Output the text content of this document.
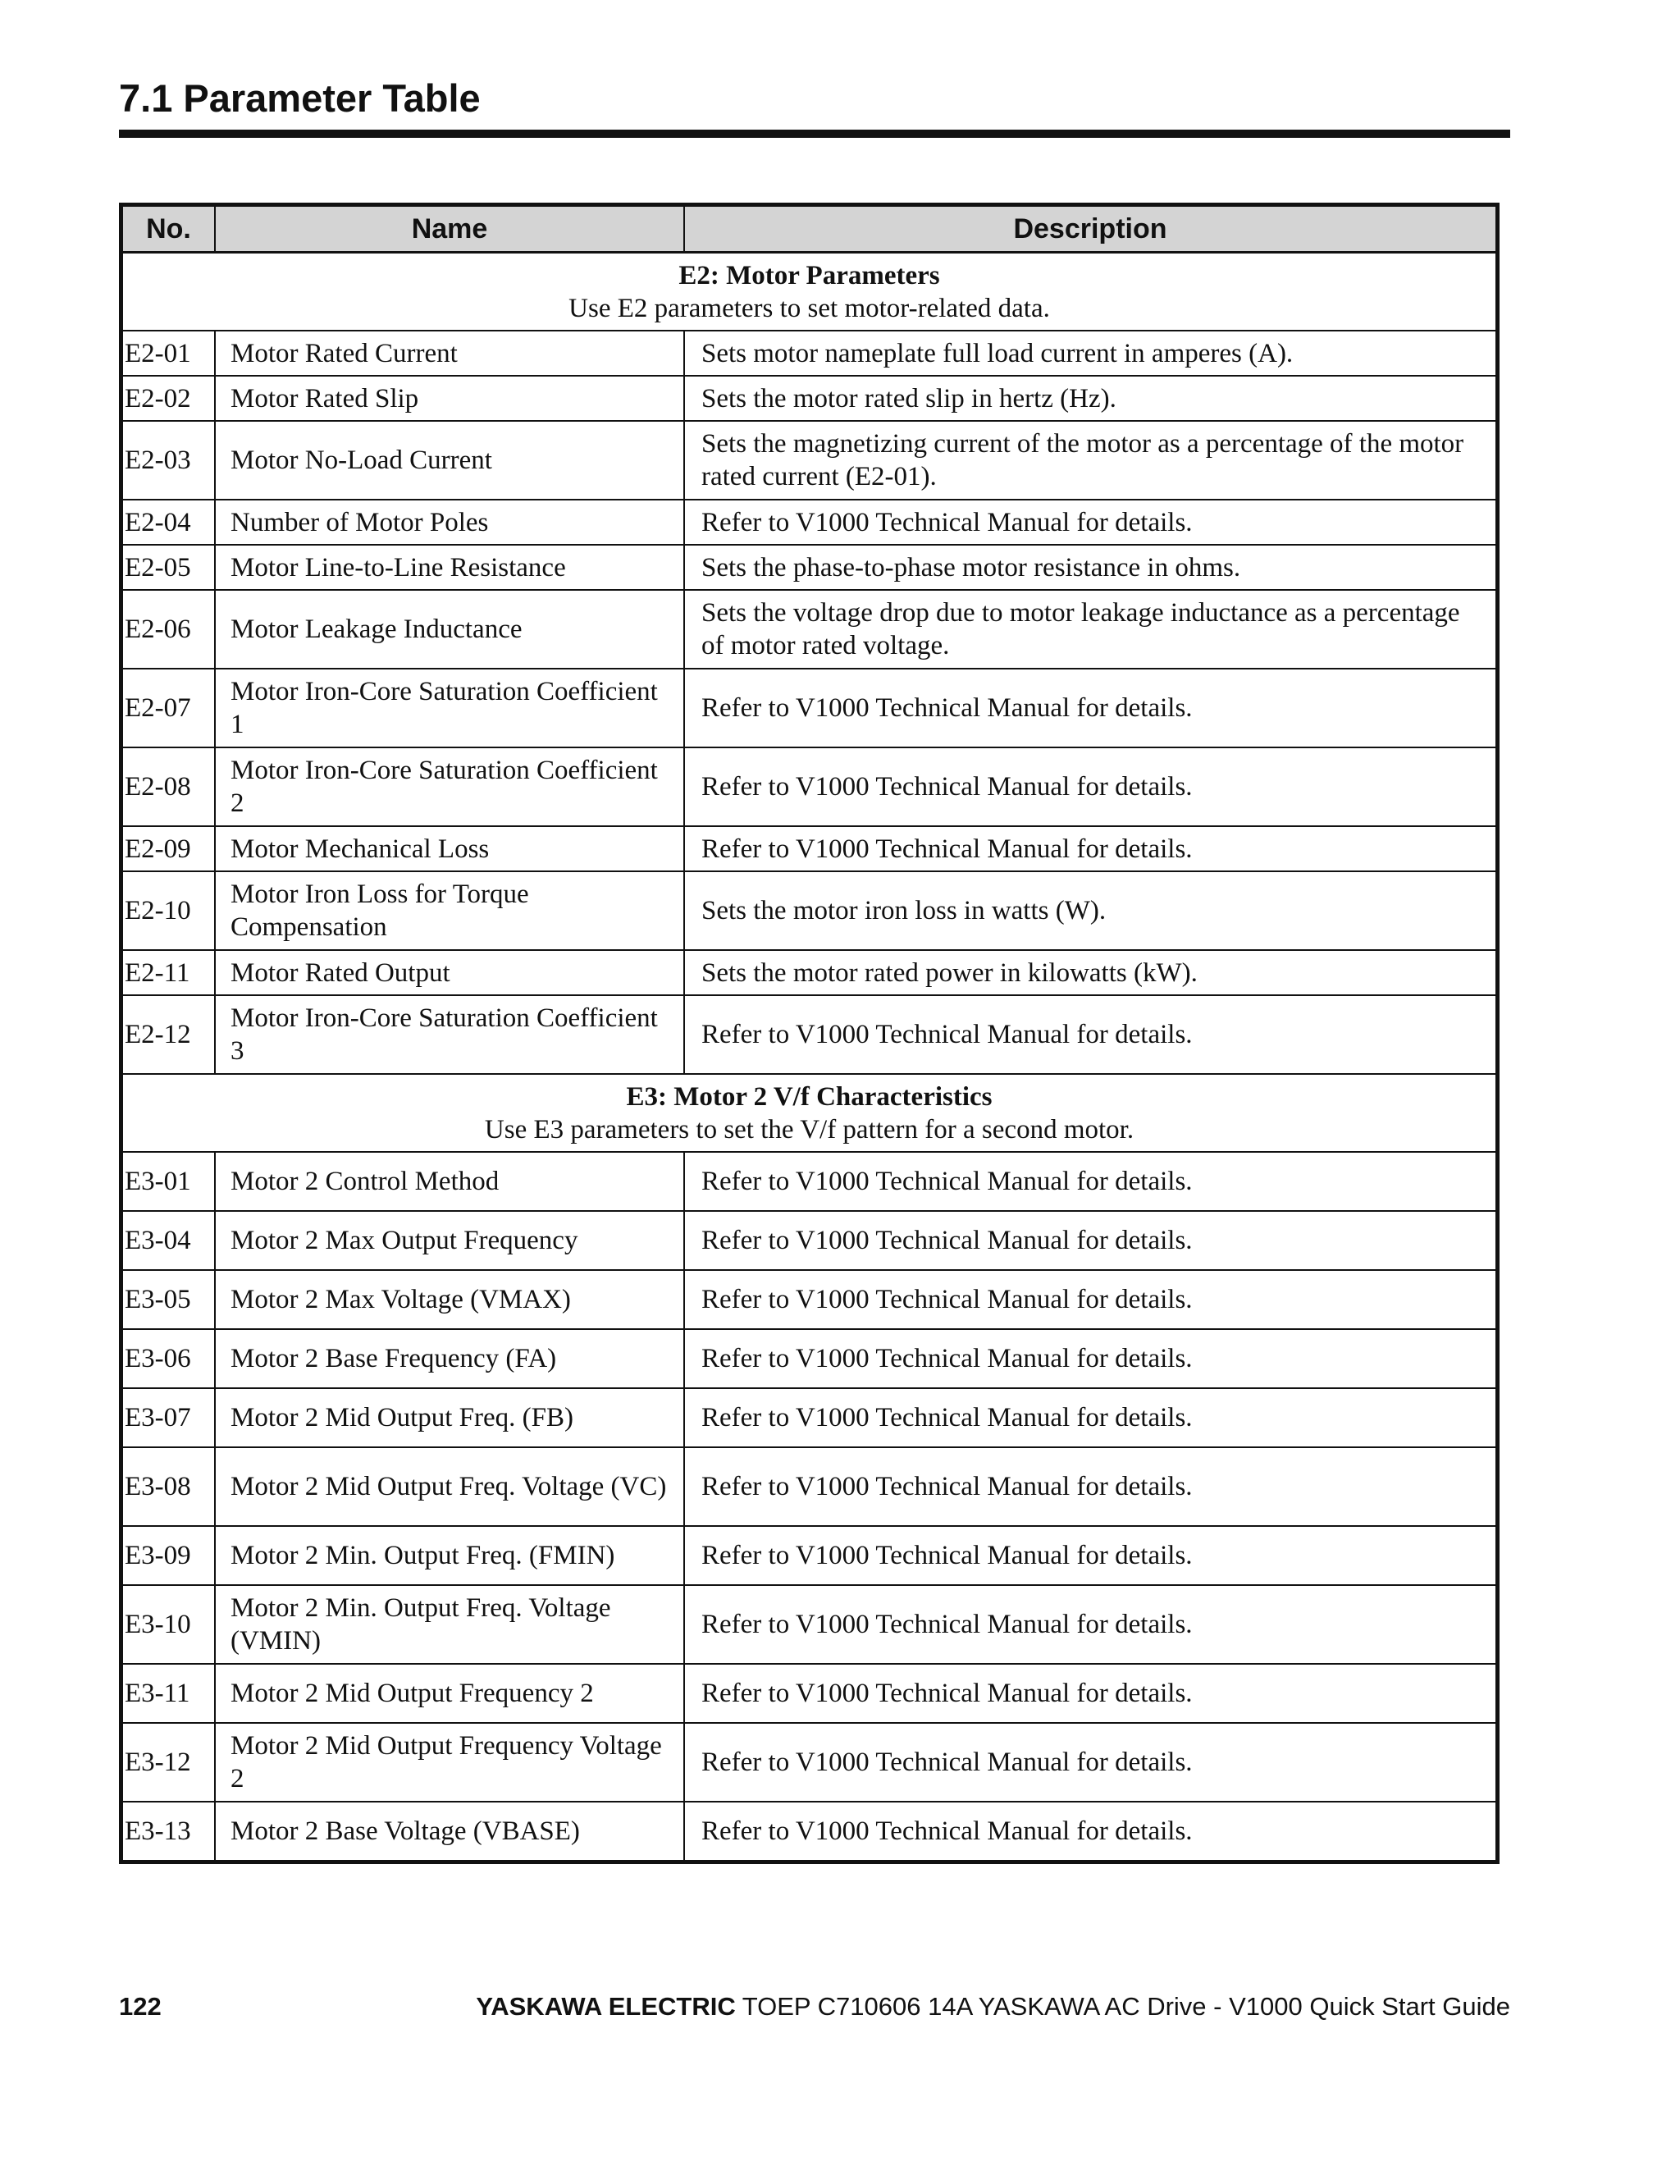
7.1 Parameter Table
No.	Name	Description

E2: Motor Parameters
Use E2 parameters to set motor-related data.		

E2-01	Motor Rated Current	Sets motor nameplate full load current in amperes (A).
E2-02	Motor Rated Slip	Sets the motor rated slip in hertz (Hz).
E2-03	Motor No-Load Current	Sets the magnetizing current of the motor as a percentage of the motor rated current (E2-01).
E2-04	Number of Motor Poles	Refer to V1000 Technical Manual for details.
E2-05	Motor Line-to-Line Resistance	Sets the phase-to-phase motor resistance in ohms.
E2-06	Motor Leakage Inductance	Sets the voltage drop due to motor leakage inductance as a percentage of motor rated voltage.
E2-07	Motor Iron-Core Saturation Coefficient 1	Refer to V1000 Technical Manual for details.
E2-08	Motor Iron-Core Saturation Coefficient 2	Refer to V1000 Technical Manual for details.
E2-09	Motor Mechanical Loss	Refer to V1000 Technical Manual for details.
E2-10	Motor Iron Loss for Torque Compensation	Sets the motor iron loss in watts (W).
E2-11	Motor Rated Output	Sets the motor rated power in kilowatts (kW).
E2-12	Motor Iron-Core Saturation Coefficient 3	Refer to V1000 Technical Manual for details.

E3: Motor 2 V/f Characteristics
Use E3 parameters to set the V/f pattern for a second motor.		

E3-01	Motor 2 Control Method	Refer to V1000 Technical Manual for details.
E3-04	Motor 2 Max Output Frequency	Refer to V1000 Technical Manual for details.
E3-05	Motor 2 Max Voltage (VMAX)	Refer to V1000 Technical Manual for details.
E3-06	Motor 2 Base Frequency (FA)	Refer to V1000 Technical Manual for details.
E3-07	Motor 2 Mid Output Freq. (FB)	Refer to V1000 Technical Manual for details.
E3-08	Motor 2 Mid Output Freq. Voltage (VC)	Refer to V1000 Technical Manual for details.
E3-09	Motor 2 Min. Output Freq. (FMIN)	Refer to V1000 Technical Manual for details.
E3-10	Motor 2 Min. Output Freq. Voltage (VMIN)	Refer to V1000 Technical Manual for details.
E3-11	Motor 2 Mid Output Frequency 2	Refer to V1000 Technical Manual for details.
E3-12	Motor 2 Mid Output Frequency Voltage 2	Refer to V1000 Technical Manual for details.
E3-13	Motor 2 Base Voltage (VBASE)	Refer to V1000 Technical Manual for details.
122	YASKAWA ELECTRIC TOEP C710606 14A YASKAWA AC Drive - V1000 Quick Start Guide
